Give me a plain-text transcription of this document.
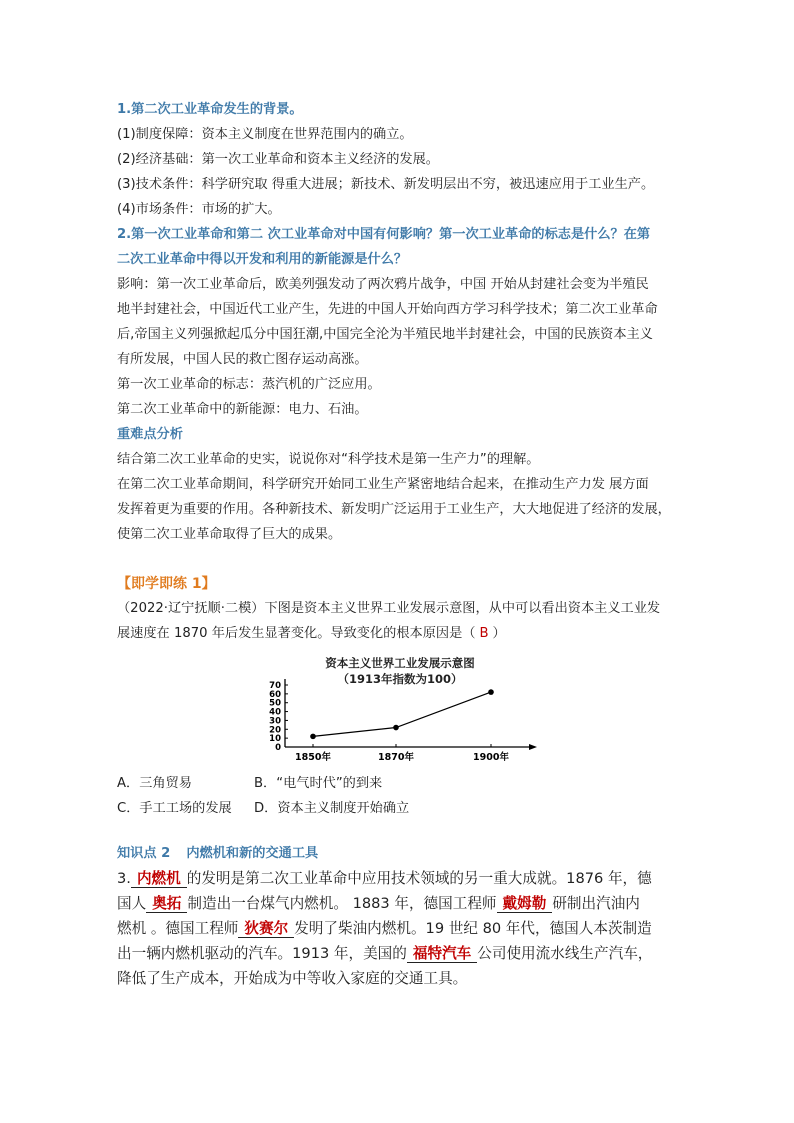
1.第二次工业革命发生的背景。
(1)制度保障：资本主义制度在世界范围内的确立。
(2)经济基础：第一次工业革命和资本主义经济的发展。
(3)技术条件：科学研究取 得重大进展；新技术、新发明层出不穷，被迅速应用于工业生产。
(4)市场条件：市场的扩大。
2.第一次工业革命和第二 次工业革命对中国有何影响？第一次工业革命的标志是什么？在第
二次工业革命中得以开发和利用的新能源是什么？
影响：第一次工业革命后，欧美列强发动了两次鸦片战争，中国 开始从封建社会变为半殖民
地半封建社会，中国近代工业产生，先进的中国人开始向西方学习科学技术；第二次工业革命
后,帝国主义列强掀起瓜分中国狂潮,中国完全沦为半殖民地半封建社会，中国的民族资本主义
有所发展，中国人民的救亡图存运动高涨。
第一次工业革命的标志：蒸汽机的广泛应用。
第二次工业革命中的新能源：电力、石油。
重难点分析
结合第二次工业革命的史实，说说你对“科学技术是第一生产力”的理解。
在第二次工业革命期间，科学研究开始同工业生产紧密地结合起来，在推动生产力发 展方面
发挥着更为重要的作用。各种新技术、新发明广泛运用于工业生产，大大地促进了经济的发展，
使第二次工业革命取得了巨大的成果。
【即学即练 1】
（2022·辽宁抚顺·二模）下图是资本主义世界工业发展示意图，从中可以看出资本主义工业发
展速度在 1870 年后发生显著变化。导致变化的根本原因是（ B ）
资本主义世界工业发展示意图
（1913年指数为100）
0
10
20
30
40
50
60
70
1850年	1870年	1900年
A．三角贸易	B．“电气时代”的到来
C．手工工场的发展 D．资本主义制度开始确立
知识点 2 内燃机和新的交通工具
3. 内燃机 的发明是第二次工业革命中应用技术领域的另一重大成就。1876 年，德
国人 奥拓 制造出一台煤气内燃机。 1883 年，德国工程师 戴姆勒 研制出汽油内
燃机 。德国工程师 狄赛尔 发明了柴油内燃机。19 世纪 80 年代，德国人本茨制造
出一辆内燃机驱动的汽车。1913 年，美国的 福特汽车 公司使用流水线生产汽车，
降低了生产成本，开始成为中等收入家庭的交通工具。
